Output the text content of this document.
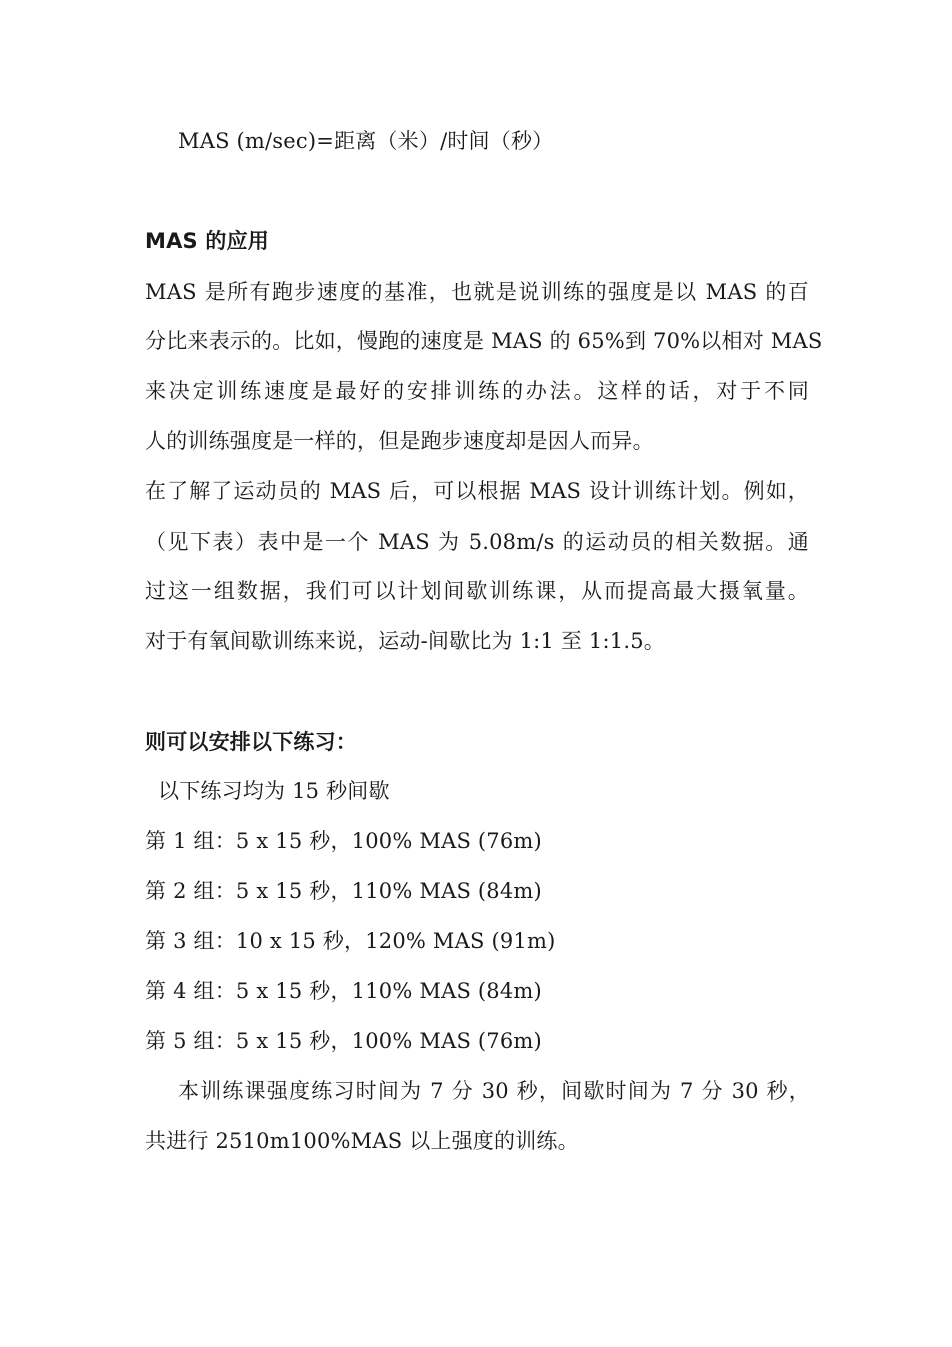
MAS (m/sec)=距离（米）/时间（秒）
MAS 的应用
MAS 是所有跑步速度的基准，也就是说训练的强度是以 MAS 的百
分比来表示的。比如，慢跑的速度是 MAS 的 65%到 70%以相对 MAS
来决定训练速度是最好的安排训练的办法。这样的话，对于不同
人的训练强度是一样的，但是跑步速度却是因人而异。
在了解了运动员的 MAS 后，可以根据 MAS 设计训练计划。例如，
（见下表）表中是一个 MAS 为 5.08m/s 的运动员的相关数据。通
过这一组数据，我们可以计划间歇训练课，从而提高最大摄氧量。
对于有氧间歇训练来说，运动-间歇比为 1:1 至 1:1.5。
则可以安排以下练习：
以下练习均为 15 秒间歇
第 1 组：5 x 15 秒，100% MAS (76m)
第 2 组：5 x 15 秒，110% MAS (84m)
第 3 组：10 x 15 秒，120% MAS (91m)
第 4 组：5 x 15 秒，110% MAS (84m)
第 5 组：5 x 15 秒，100% MAS (76m)
本训练课强度练习时间为 7 分 30 秒，间歇时间为 7 分 30 秒，
共进行 2510m100%MAS 以上强度的训练。
